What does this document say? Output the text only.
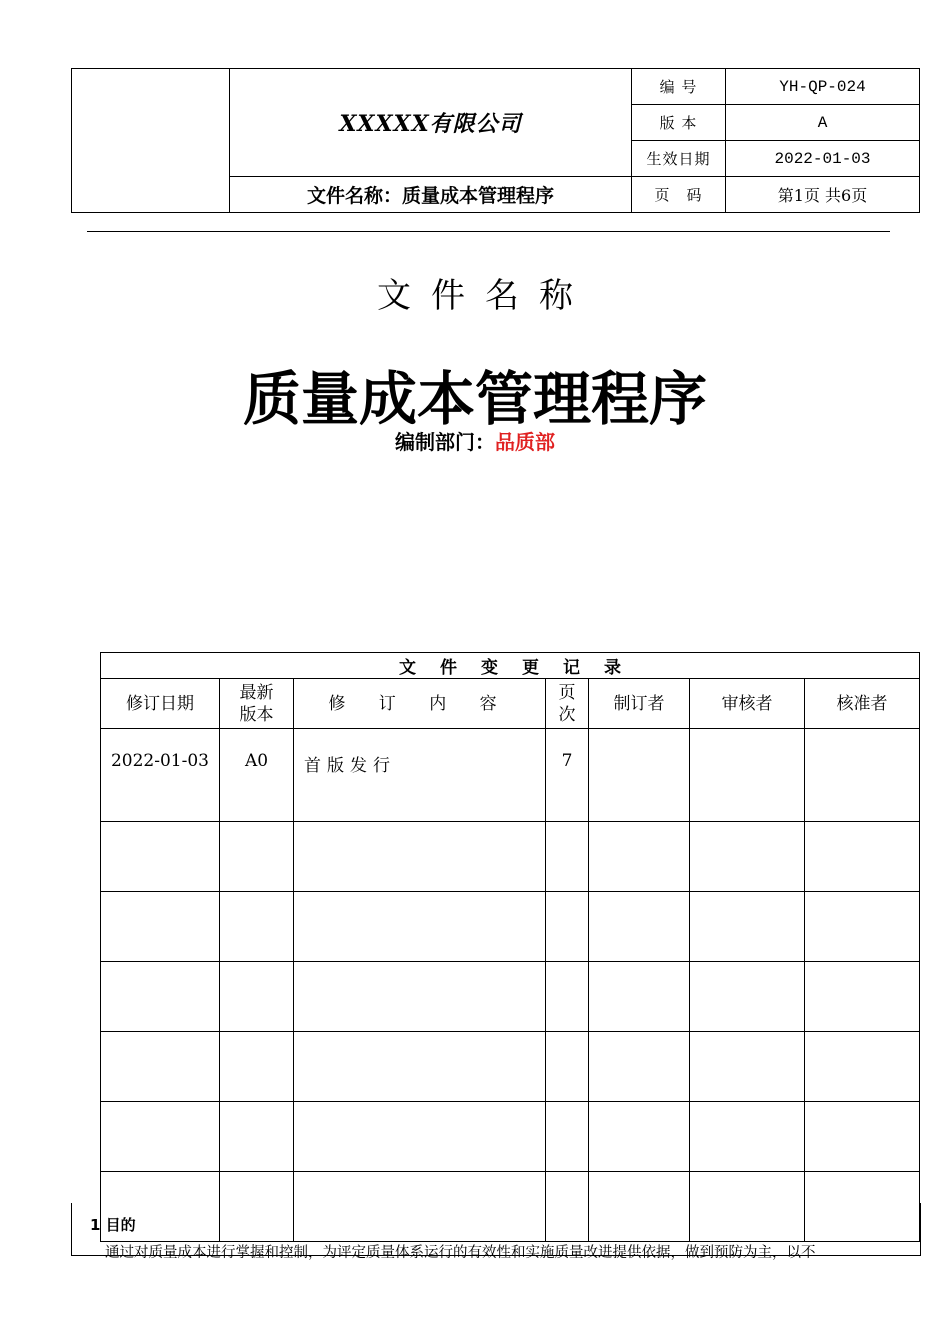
	XXXXX有限公司	编 号	YH-QP-024
		版 本	A
		生效日期	2022-01-03
	文件名称：质量成本管理程序	页　码	第1页 共6页
文件名称
质量成本管理程序
编制部门：品质部
文件变更记录						
修订日期	最新版本	修 订 内 容	页次	制订者	审核者	核准者
2022-01-03	A0	首版发行	7			

1 目的
通过对质量成本进行掌握和控制，为评定质量体系运行的有效性和实施质量改进提供依据，做到预防为主，以不
